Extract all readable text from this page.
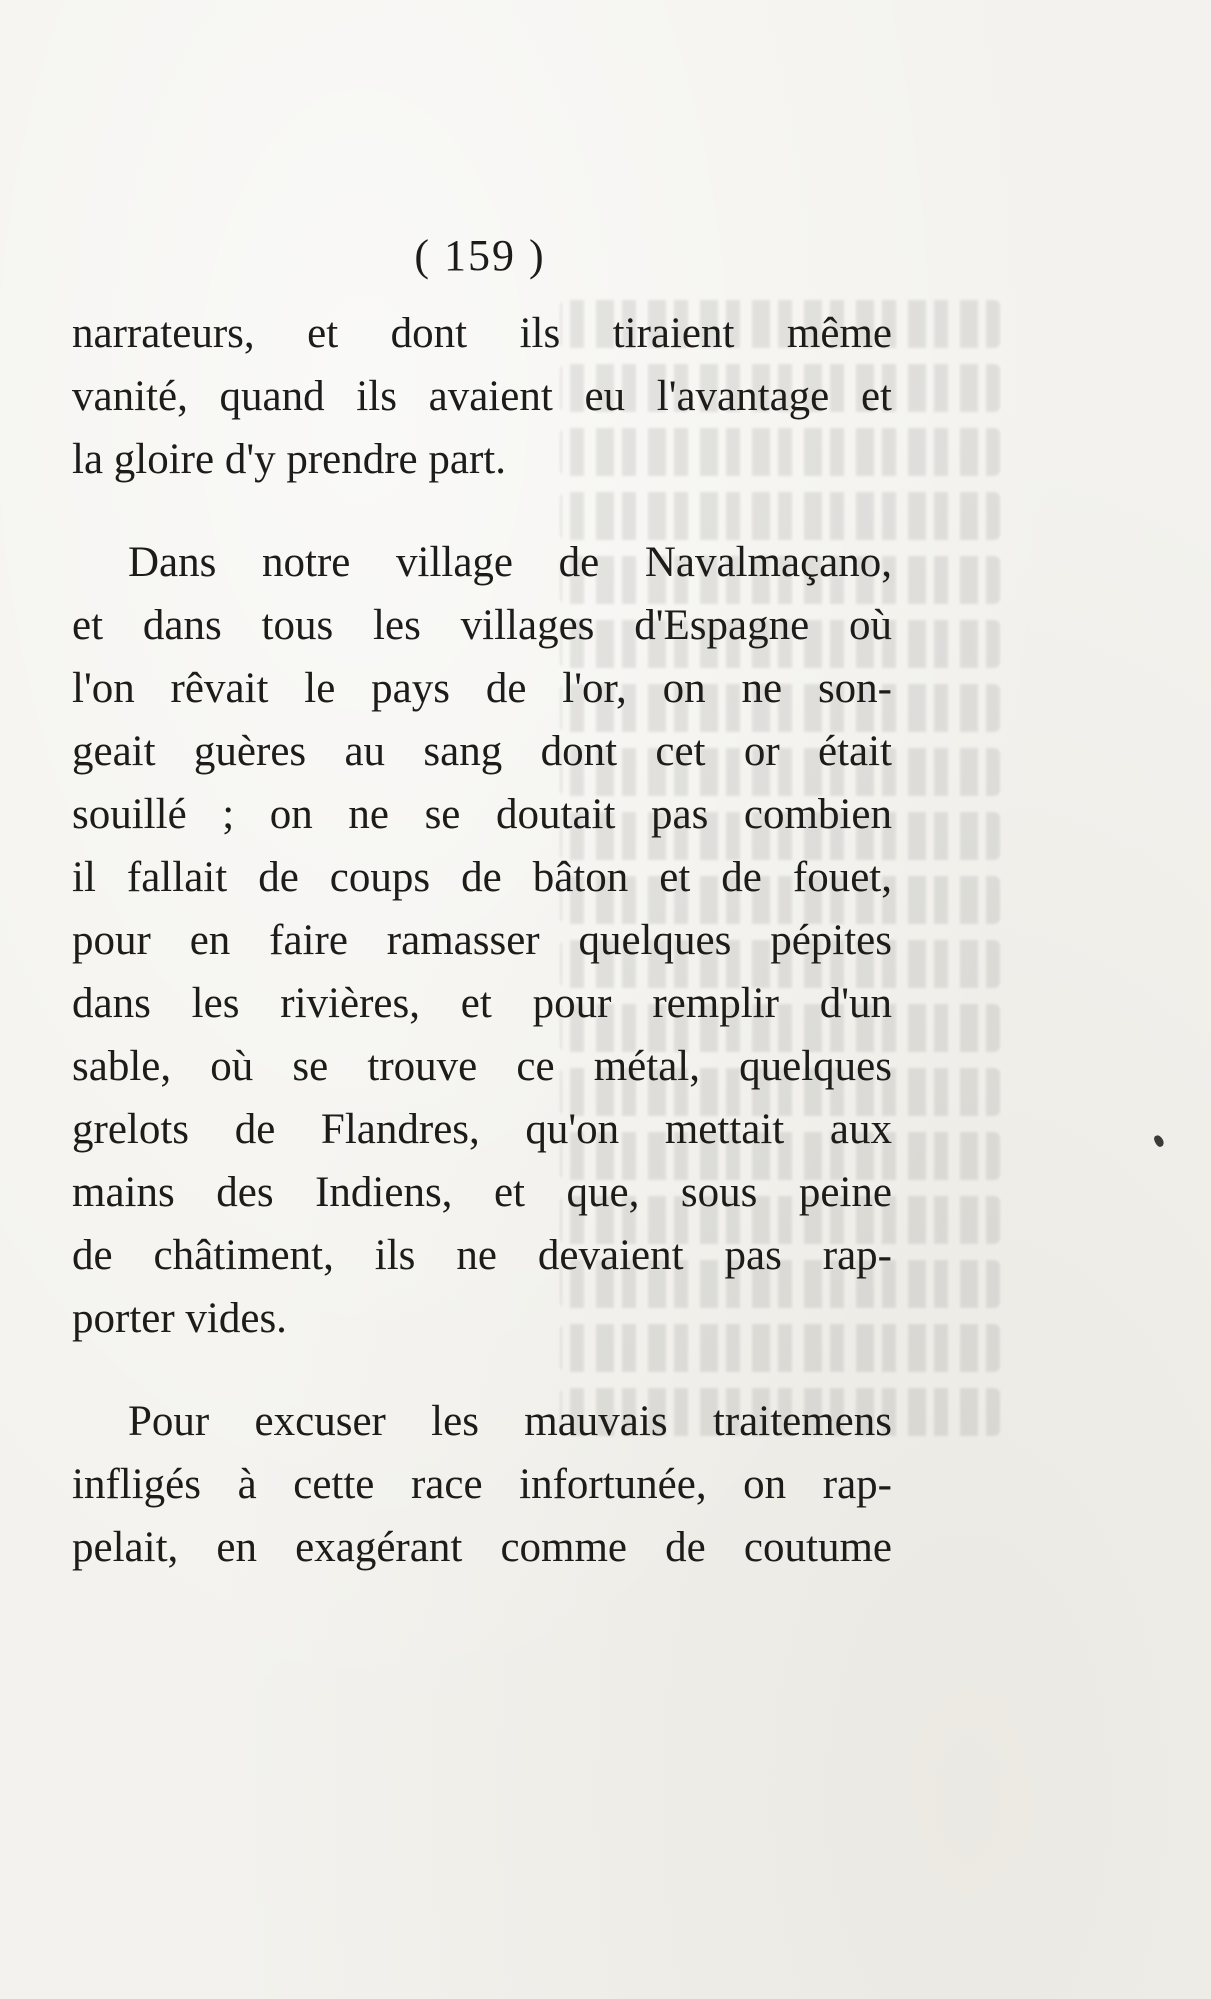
( 159 )
narrateurs, et dont ils tiraient même
vanité, quand ils avaient eu l'avantage et
la gloire d'y prendre part.
Dans notre village de Navalmaçano,
et dans tous les villages d'Espagne où
l'on rêvait le pays de l'or, on ne son-
geait guères au sang dont cet or était
souillé ; on ne se doutait pas combien
il fallait de coups de bâton et de fouet,
pour en faire ramasser quelques pépites
dans les rivières, et pour remplir d'un
sable, où se trouve ce métal, quelques
grelots de Flandres, qu'on mettait aux
mains des Indiens, et que, sous peine
de châtiment, ils ne devaient pas rap-
porter vides.
Pour excuser les mauvais traitemens
infligés à cette race infortunée, on rap-
pelait, en exagérant comme de coutume
